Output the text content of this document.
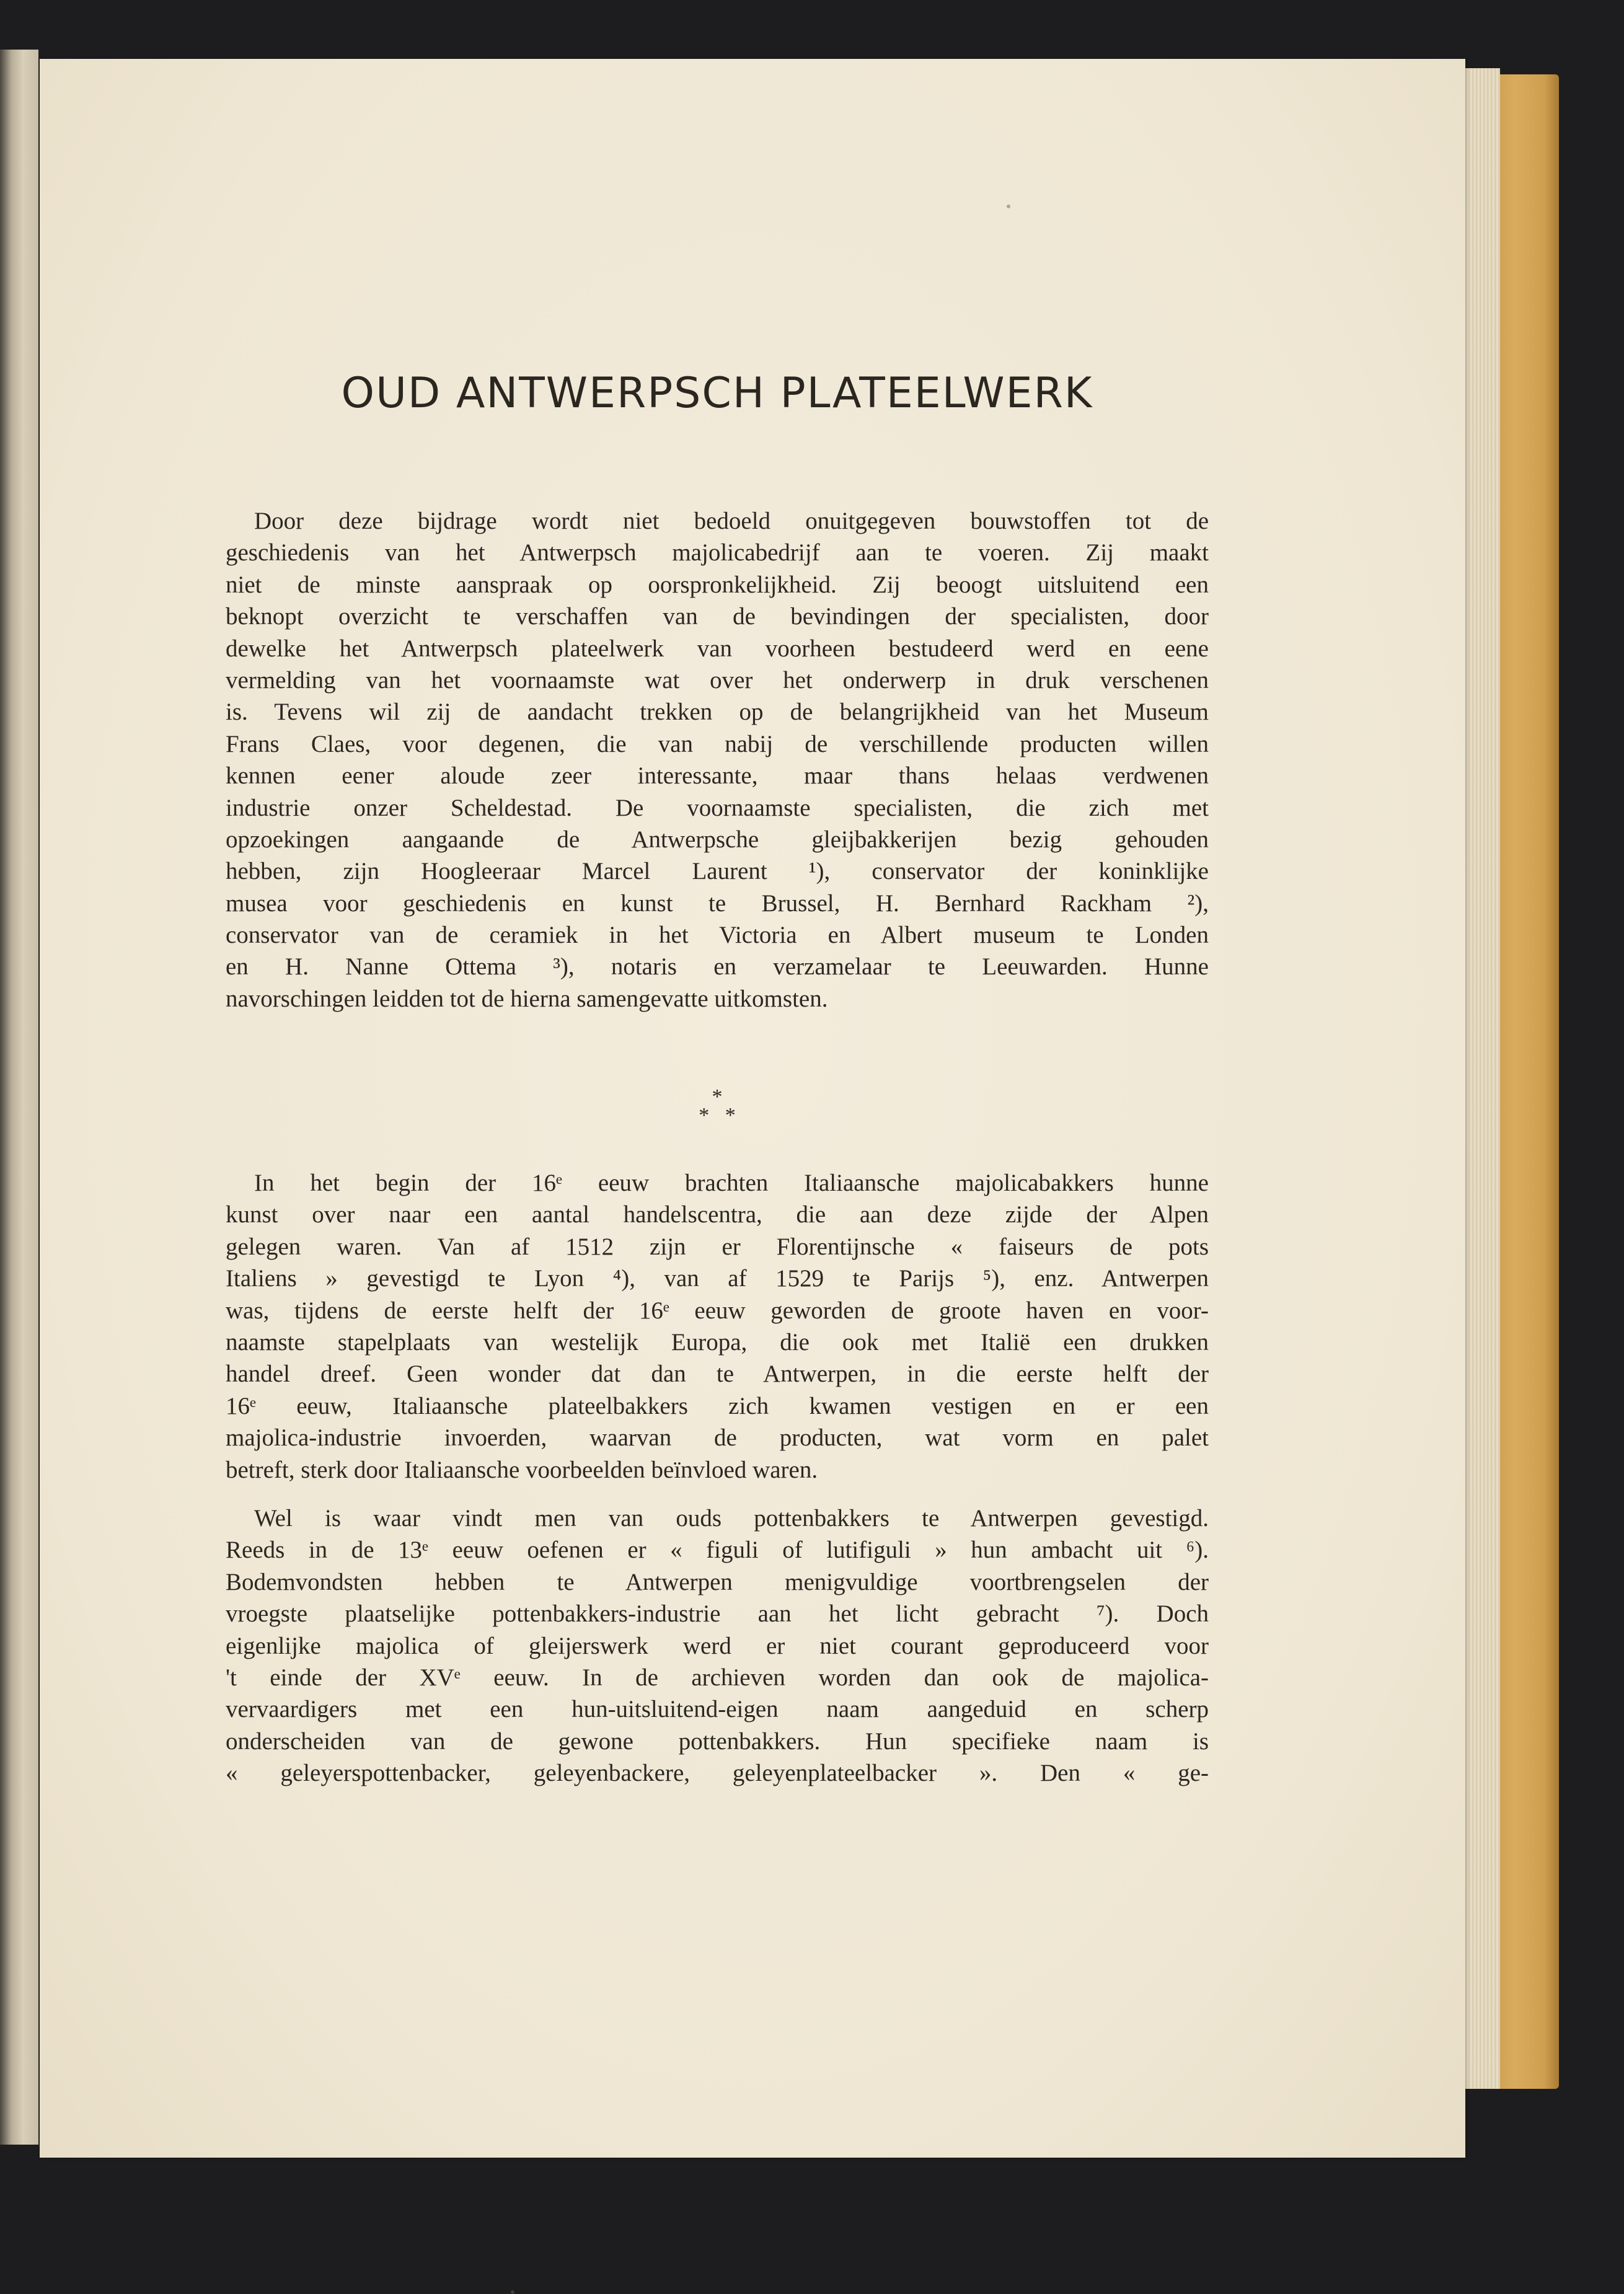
OUD ANTWERPSCH PLATEELWERK
Door deze bijdrage wordt niet bedoeld onuitgegeven bouwstoffen tot de
geschiedenis van het Antwerpsch majolicabedrijf aan te voeren. Zij maakt
niet de minste aanspraak op oorspronkelijkheid. Zij beoogt uitsluitend een
beknopt overzicht te verschaffen van de bevindingen der specialisten, door
dewelke het Antwerpsch plateelwerk van voorheen bestudeerd werd en eene
vermelding van het voornaamste wat over het onderwerp in druk verschenen
is. Tevens wil zij de aandacht trekken op de belangrijkheid van het Museum
Frans Claes, voor degenen, die van nabij de verschillende producten willen
kennen eener aloude zeer interessante, maar thans helaas verdwenen
industrie onzer Scheldestad. De voornaamste specialisten, die zich met
opzoekingen aangaande de Antwerpsche gleijbakkerijen bezig gehouden
hebben, zijn Hoogleeraar Marcel Laurent ¹), conservator der koninklijke
musea voor geschiedenis en kunst te Brussel, H. Bernhard Rackham ²),
conservator van de ceramiek in het Victoria en Albert museum te Londen
en H. Nanne Ottema ³), notaris en verzamelaar te Leeuwarden. Hunne
navorschingen leidden tot de hierna samengevatte uitkomsten.
*
*   *
In het begin der 16ᵉ eeuw brachten Italiaansche majolicabakkers hunne
kunst over naar een aantal handelscentra, die aan deze zijde der Alpen
gelegen waren. Van af 1512 zijn er Florentijnsche « faiseurs de pots
Italiens » gevestigd te Lyon ⁴), van af 1529 te Parijs ⁵), enz. Antwerpen
was, tijdens de eerste helft der 16ᵉ eeuw geworden de groote haven en voor-
naamste stapelplaats van westelijk Europa, die ook met Italië een drukken
handel dreef. Geen wonder dat dan te Antwerpen, in die eerste helft der
16ᵉ eeuw, Italiaansche plateelbakkers zich kwamen vestigen en er een
majolica-industrie invoerden, waarvan de producten, wat vorm en palet
betreft, sterk door Italiaansche voorbeelden beïnvloed waren.
Wel is waar vindt men van ouds pottenbakkers te Antwerpen gevestigd.
Reeds in de 13ᵉ eeuw oefenen er « figuli of lutifiguli » hun ambacht uit ⁶).
Bodemvondsten hebben te Antwerpen menigvuldige voortbrengselen der
vroegste plaatselijke pottenbakkers-industrie aan het licht gebracht ⁷). Doch
eigenlijke majolica of gleijerswerk werd er niet courant geproduceerd voor
't einde der XVᵉ eeuw. In de archieven worden dan ook de majolica-
vervaardigers met een hun-uitsluitend-eigen naam aangeduid en scherp
onderscheiden van de gewone pottenbakkers. Hun specifieke naam is
« geleyerspottenbacker, geleyenbackere, geleyenplateelbacker ». Den « ge-
